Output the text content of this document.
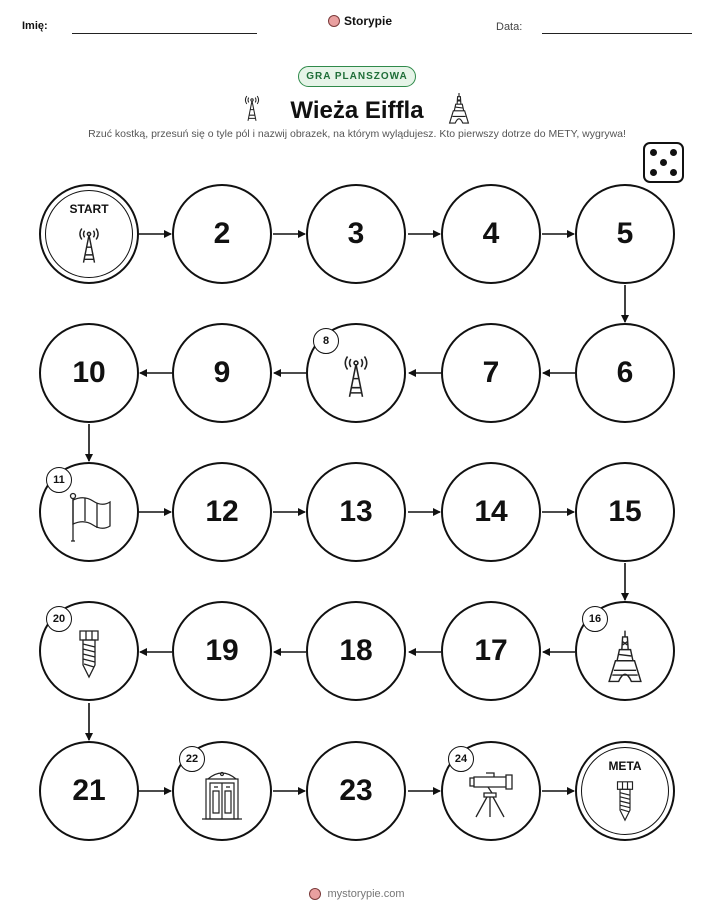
Imię:	Storypie	Data:
GRA PLANSZOWA
Wieża Eiffla
Rzuć kostką, przesuń się o tyle pól i nazwij obrazek, na którym wylądujesz. Kto pierwszy dotrze do METY, wygrywa!
START
2	3	4	5
10	9
8
7	6
11
12	13	14	15
20
19	18	17
16
21
22
23
24	META
mystorypie.com
